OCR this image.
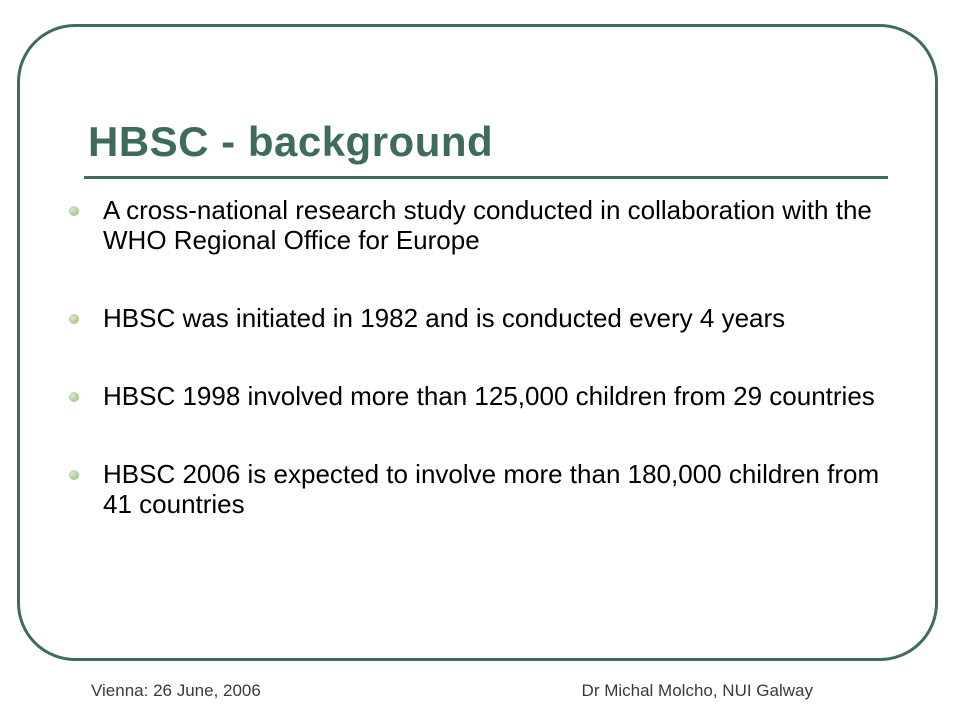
HBSC - background
A cross-national research study conducted in collaboration with the WHO Regional Office for Europe
HBSC was initiated in 1982 and is conducted every 4 years
HBSC 1998 involved more than 125,000 children from 29 countries
HBSC 2006 is expected to involve more than 180,000 children from 41 countries
Vienna: 26 June, 2006	Dr Michal Molcho, NUI Galway
